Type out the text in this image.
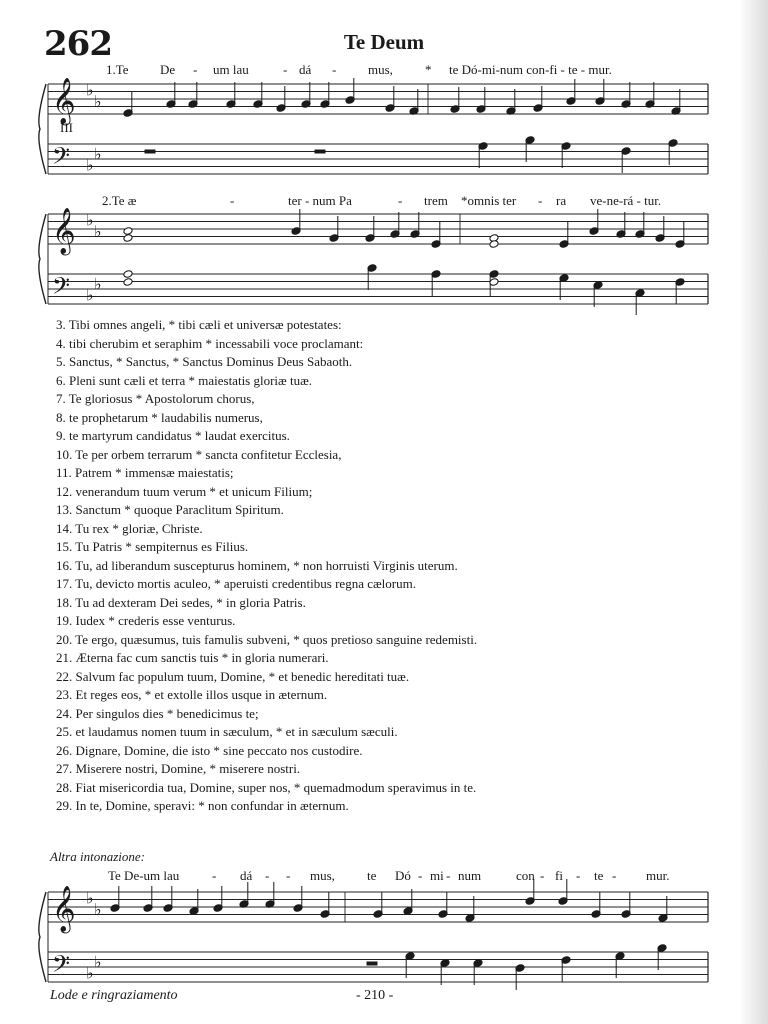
262	Te Deum
1.Te De - um lau	- dá - mus, * te Dó-mi-num con-fi - te - mur.
2.Te æ	-	ter - num Pa	- trem *omnis ter - ra ve-ne-rá - tur.
Te De-um lau	- dá - - mus, te Dó - mi - num	con - fi - te - mur.
𝄞 ♭
♭
𝄢 ♭
♭
𝄞 ♭
♭
𝄢 ♭
♭
𝄞 ♭
♭
𝄢 ♭
♭
III
3. Tibi omnes angeli, * tibi cæli et universæ potestates:
4. tibi cherubim et seraphim * incessabili voce proclamant:
5. Sanctus, * Sanctus, * Sanctus Dominus Deus Sabaoth.
6. Pleni sunt cæli et terra * maiestatis gloriæ tuæ.
7. Te gloriosus * Apostolorum chorus,
8. te prophetarum * laudabilis numerus,
9. te martyrum candidatus * laudat exercitus.
10. Te per orbem terrarum * sancta confitetur Ecclesia,
11. Patrem * immensæ maiestatis;
12. venerandum tuum verum * et unicum Filium;
13. Sanctum * quoque Paraclitum Spiritum.
14. Tu rex * gloriæ, Christe.
15. Tu Patris * sempiternus es Filius.
16. Tu, ad liberandum suscepturus hominem, * non horruisti Virginis uterum.
17. Tu, devicto mortis aculeo, * aperuisti credentibus regna cælorum.
18. Tu ad dexteram Dei sedes, * in gloria Patris.
19. Iudex * crederis esse venturus.
20. Te ergo, quæsumus, tuis famulis subveni, * quos pretioso sanguine redemisti.
21. Æterna fac cum sanctis tuis * in gloria numerari.
22. Salvum fac populum tuum, Domine, * et benedic hereditati tuæ.
23. Et reges eos, * et extolle illos usque in æternum.
24. Per singulos dies * benedicimus te;
25. et laudamus nomen tuum in sæculum, * et in sæculum sæculi.
26. Dignare, Domine, die isto * sine peccato nos custodire.
27. Miserere nostri, Domine, * miserere nostri.
28. Fiat misericordia tua, Domine, super nos, * quemadmodum speravimus in te.
29. In te, Domine, speravi: * non confundar in æternum.
Altra intonazione:
Lode e ringraziamento	- 210 -
